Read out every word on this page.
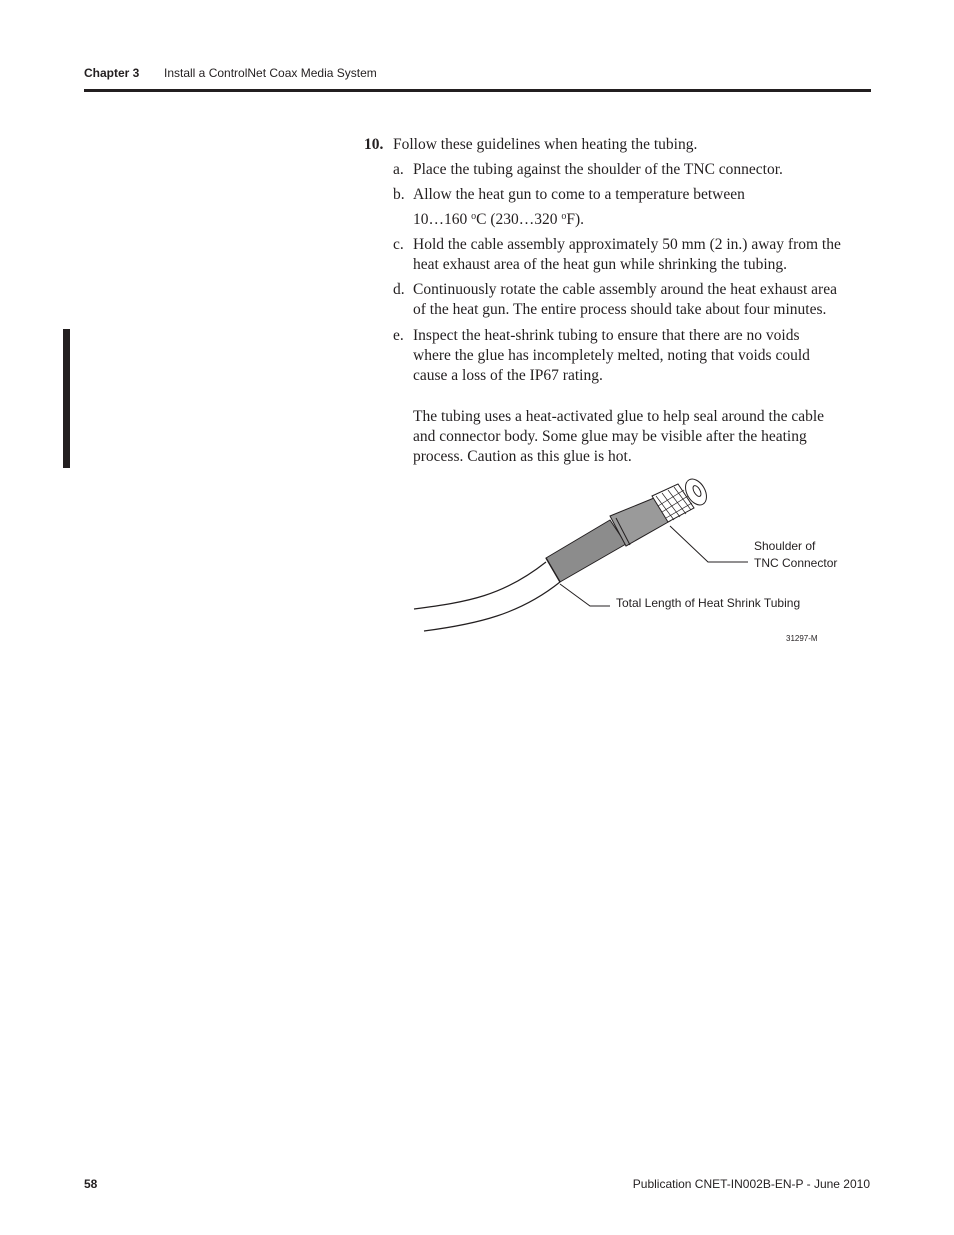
Chapter 3 Install a ControlNet Coax Media System
10. Follow these guidelines when heating the tubing.
a. Place the tubing against the shoulder of the TNC connector.
b. Allow the heat gun to come to a temperature between
10…160 $^o$C (230…320 $^o$F).
c. Hold the cable assembly approximately 50 mm (2 in.) away from the
heat exhaust area of the heat gun while shrinking the tubing.
d. Continuously rotate the cable assembly around the heat exhaust area
of the heat gun. The entire process should take about four minutes.
e. Inspect the heat-shrink tubing to ensure that there are no voids
where the glue has incompletely melted, noting that voids could
cause a loss of the IP67 rating.
The tubing uses a heat-activated glue to help seal around the cable
and connector body. Some glue may be visible after the heating
process. Caution as this glue is hot.
Shoulder of
TNC Connector
Total Length of Heat Shrink Tubing
31297-M
58	Publication CNET-IN002B-EN-P - June 2010
